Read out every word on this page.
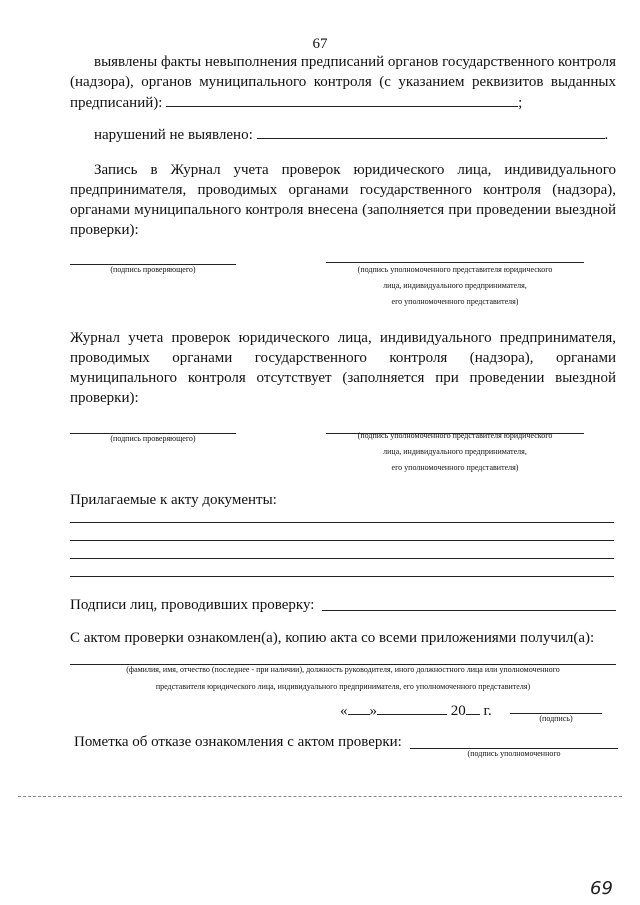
67
выявлены факты невыполнения предписаний органов государственного контроля (надзора), органов муниципального контроля (с указанием реквизитов выданных предписаний):	;
нарушений не выявлено:	.
Запись в Журнал учета проверок юридического лица, индивидуального предпринимателя, проводимых органами государственного контроля (надзора), органами муниципального контроля внесена (заполняется при проведении выездной проверки):
(подпись проверяющего)	(подпись уполномоченного представителя юридического
лица, индивидуального предпринимателя,
его уполномоченного представителя)
Журнал учета проверок юридического лица, индивидуального предпринимателя, проводимых органами государственного контроля (надзора), органами муниципального контроля отсутствует (заполняется при проведении выездной проверки):
(подпись проверяющего)	(подпись уполномоченного представителя юридического
лица, индивидуального предпринимателя,
его уполномоченного представителя)
Прилагаемые к акту документы:
Подписи лиц, проводивших проверку:
С актом проверки ознакомлен(а), копию акта со всеми приложениями получил(а):
(фамилия, имя, отчество (последнее - при наличии), должность руководителя, иного должностного лица или уполномоченного
представителя юридического лица, индивидуального предпринимателя, его уполномоченного представителя)
« »	20 г.	(подпись)
Пометка об отказе ознакомления с актом проверки:
(подпись уполномоченного
69
